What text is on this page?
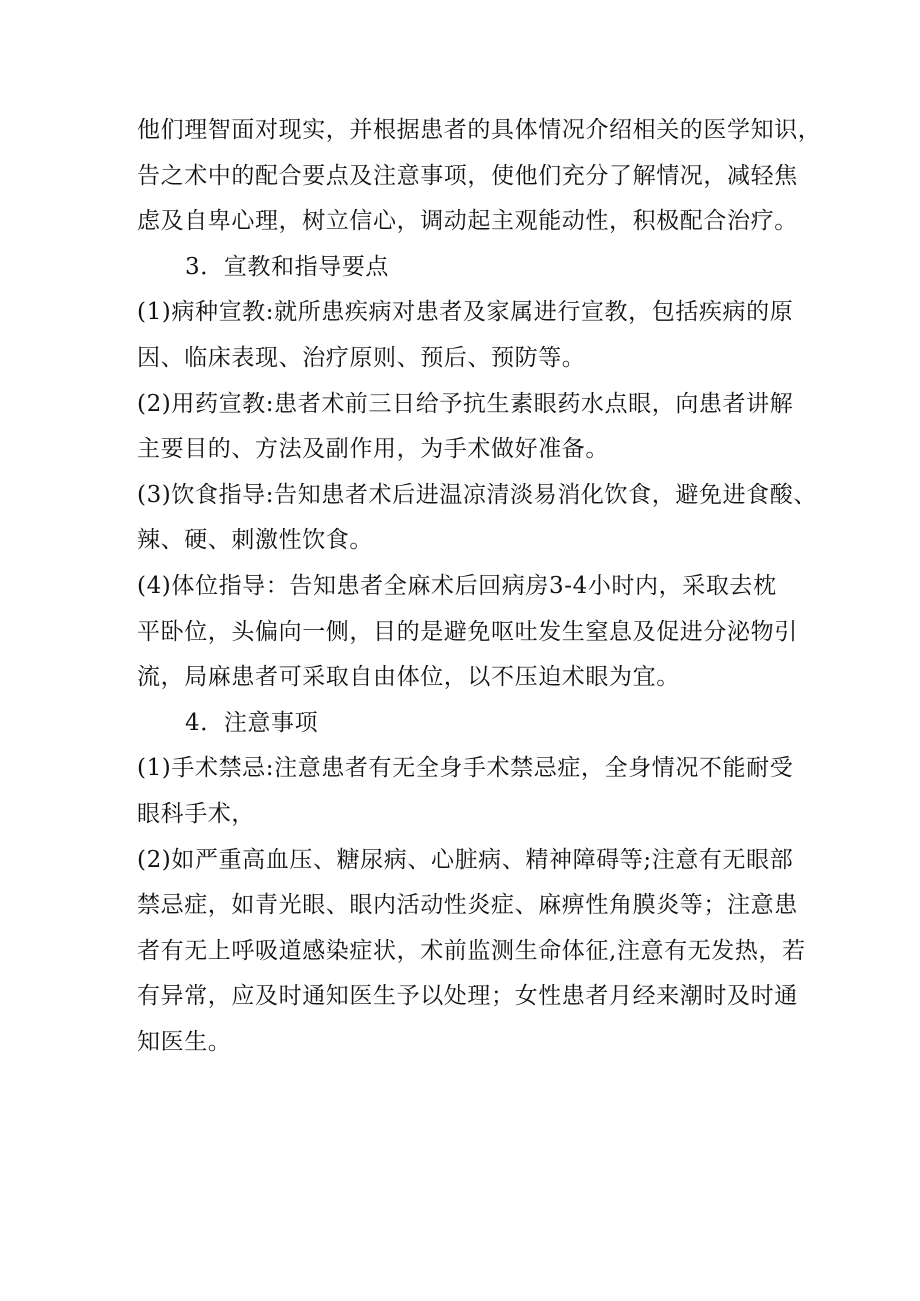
他们理智面对现实，并根据患者的具体情况介绍相关的医学知识，
告之术中的配合要点及注意事项，使他们充分了解情况，减轻焦
虑及自卑心理，树立信心，调动起主观能动性，积极配合治疗。
3．宣教和指导要点
(1)病种宣教:就所患疾病对患者及家属进行宣教，包括疾病的原
因、临床表现、治疗原则、预后、预防等。
(2)用药宣教:患者术前三日给予抗生素眼药水点眼，向患者讲解
主要目的、方法及副作用，为手术做好准备。
(3)饮食指导:告知患者术后进温凉清淡易消化饮食，避免进食酸、
辣、硬、刺激性饮食。
(4)体位指导：告知患者全麻术后回病房3-4小时内，采取去枕
平卧位，头偏向一侧，目的是避免呕吐发生窒息及促进分泌物引
流，局麻患者可采取自由体位，以不压迫术眼为宜。
4．注意事项
(1)手术禁忌:注意患者有无全身手术禁忌症，全身情况不能耐受
眼科手术，
(2)如严重高血压、糖尿病、心脏病、精神障碍等;注意有无眼部
禁忌症，如青光眼、眼内活动性炎症、麻痹性角膜炎等；注意患
者有无上呼吸道感染症状，术前监测生命体征,注意有无发热，若
有异常，应及时通知医生予以处理；女性患者月经来潮时及时通
知医生。
